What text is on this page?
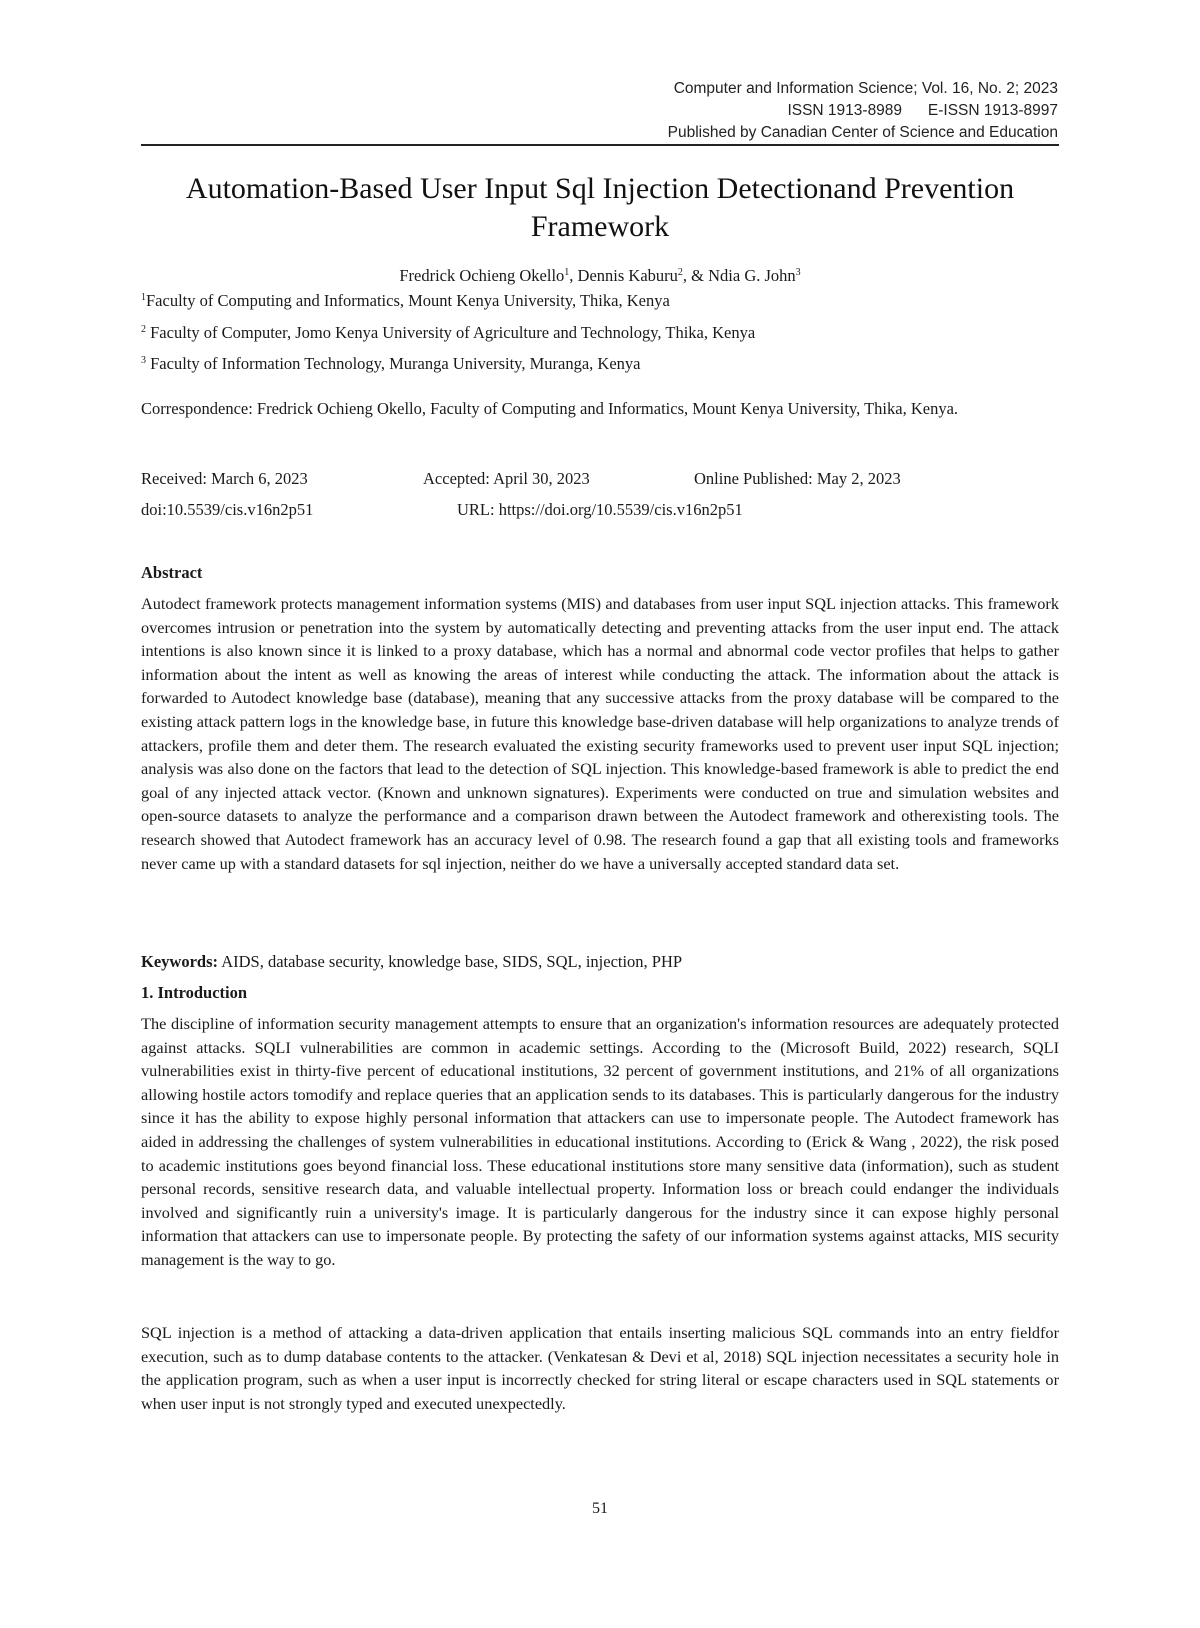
Computer and Information Science; Vol. 16, No. 2; 2023
ISSN 1913-8989      E-ISSN 1913-8997
Published by Canadian Center of Science and Education
Automation-Based User Input Sql Injection Detectionand Prevention
Framework
Fredrick Ochieng Okello$^1$, Dennis Kaburu$^2$, & Ndia G. John$^3$
$^1$Faculty of Computing and Informatics, Mount Kenya University, Thika, Kenya
$^2$ Faculty of Computer, Jomo Kenya University of Agriculture and Technology, Thika, Kenya
$^3$ Faculty of Information Technology, Muranga University, Muranga, Kenya
Correspondence: Fredrick Ochieng Okello, Faculty of Computing and Informatics, Mount Kenya University, Thika, Kenya.
Received: March 6, 2023	Accepted: April 30, 2023	Online Published: May 2, 2023
doi:10.5539/cis.v16n2p51	URL: https://doi.org/10.5539/cis.v16n2p51
Abstract
Autodect framework protects management information systems (MIS) and databases from user input SQL injection attacks. This framework overcomes intrusion or penetration into the system by automatically detecting and preventing attacks from the user input end. The attack intentions is also known since it is linked to a proxy database, which has a normal and abnormal code vector profiles that helps to gather information about the intent as well as knowing the areas of interest while conducting the attack. The information about the attack is forwarded to Autodect knowledge base (database), meaning that any successive attacks from the proxy database will be compared to the existing attack pattern logs in the knowledge base, in future this knowledge base-driven database will help organizations to analyze trends of attackers, profile them and deter them. The research evaluated the existing security frameworks used to prevent user input SQL injection; analysis was also done on the factors that lead to the detection of SQL injection. This knowledge-based framework is able to predict the end goal of any injected attack vector. (Known and unknown signatures). Experiments were conducted on true and simulation websites and open-source datasets to analyze the performance and a comparison drawn between the Autodect framework and otherexisting tools. The research showed that Autodect framework has an accuracy level of 0.98. The research found a gap that all existing tools and frameworks never came up with a standard datasets for sql injection, neither do we have a universally accepted standard data set.
Keywords: AIDS, database security, knowledge base, SIDS, SQL, injection, PHP
1. Introduction
The discipline of information security management attempts to ensure that an organization's information resources are adequately protected against attacks. SQLI vulnerabilities are common in academic settings. According to the (Microsoft Build, 2022) research, SQLI vulnerabilities exist in thirty-five percent of educational institutions, 32 percent of government institutions, and 21% of all organizations allowing hostile actors tomodify and replace queries that an application sends to its databases. This is particularly dangerous for the industry since it has the ability to expose highly personal information that attackers can use to impersonate people. The Autodect framework has aided in addressing the challenges of system vulnerabilities in educational institutions. According to (Erick & Wang , 2022), the risk posed to academic institutions goes beyond financial loss. These educational institutions store many sensitive data (information), such as student personal records, sensitive research data, and valuable intellectual property. Information loss or breach could endanger the individuals involved and significantly ruin a university's image. It is particularly dangerous for the industry since it can expose highly personal information that attackers can use to impersonate people. By protecting the safety of our information systems against attacks, MIS security management is the way to go.
SQL injection is a method of attacking a data-driven application that entails inserting malicious SQL commands into an entry fieldfor execution, such as to dump database contents to the attacker. (Venkatesan & Devi et al, 2018) SQL injection necessitates a security hole in the application program, such as when a user input is incorrectly checked for string literal or escape characters used in SQL statements or when user input is not strongly typed and executed unexpectedly.
51
